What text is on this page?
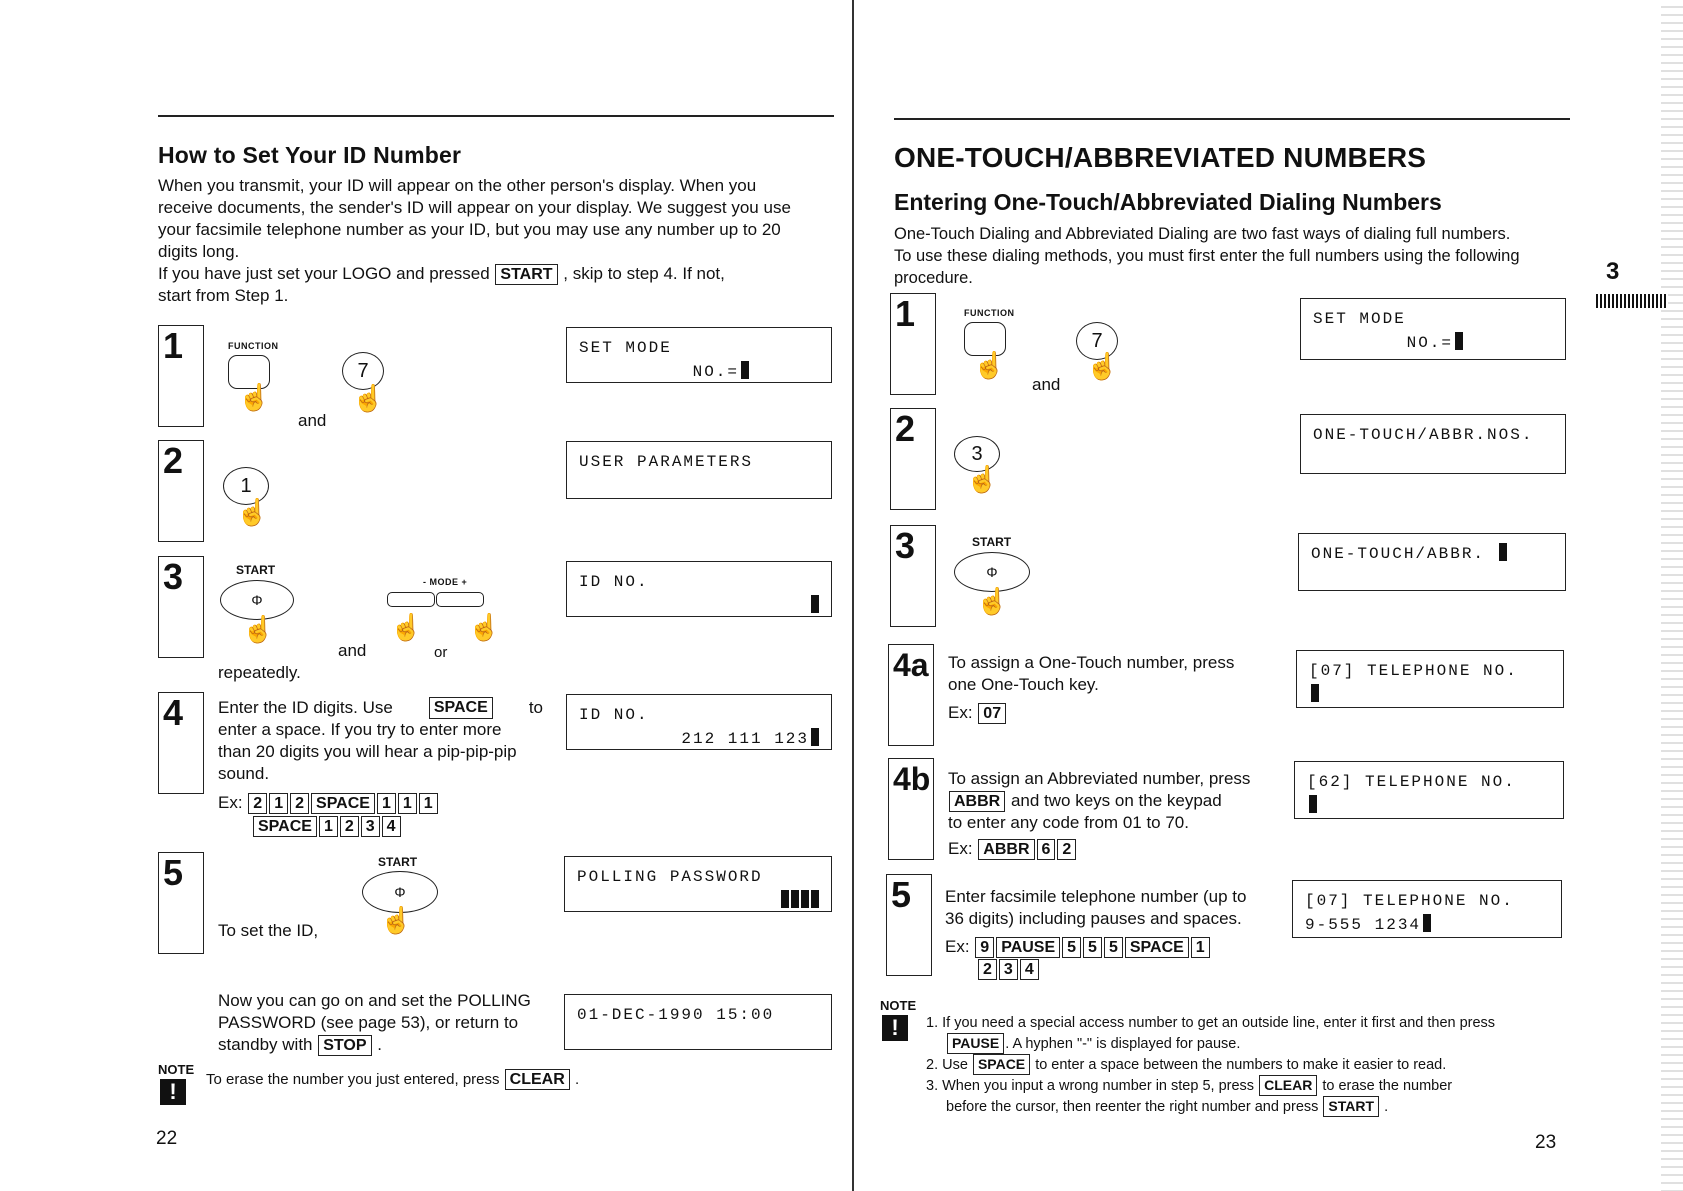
How to Set Your ID Number
When you transmit, your ID will appear on the other person's display. When you
receive documents, the sender's ID will appear on your display. We suggest you use
your facsimile telephone number as your ID, but you may use any number up to 20
digits long.
If you have just set your LOGO and pressed START , skip to step 4. If not,
start from Step 1.
1	FUNCTION
☝
and
7
☝
2
1
☝
3	START
Φ
☝
- MODE +
and
☝
or
☝
repeatedly.
4	Enter the ID digits. Use	SPACE to
enter a space. If you try to enter more
than 20 digits you will hear a pip-pip-pip
sound.
Ex: 2 1 2 SPACE 1 1 1
SPACE 1 2 3 4
5	START
Φ
☝
To set the ID,
SET MODE
NO.=
USER PARAMETERS
ID NO.
ID NO.
212 111 123
POLLING PASSWORD
01-DEC-1990 15:00
Now you can go on and set the POLLING
PASSWORD (see page 53), or return to
standby with STOP .
NOTE
!	To erase the number you just entered, press CLEAR .
22
ONE-TOUCH/ABBREVIATED NUMBERS
Entering One-Touch/Abbreviated Dialing Numbers
One-Touch Dialing and Abbreviated Dialing are two fast ways of dialing full numbers.
To use these dialing methods, you must first enter the full numbers using the following
procedure.	3
1	FUNCTION
☝
and
7
☝
2
3
☝
3	START
Φ
☝
4a	To assign a One-Touch number, press
one One-Touch key.
Ex: 07
4b To assign an Abbreviated number, press
ABBR and two keys on the keypad
to enter any code from 01 to 70.
Ex: ABBR 6 2
5	Enter facsimile telephone number (up to
36 digits) including pauses and spaces.
Ex: 9 PAUSE 5 5 5 SPACE 1
2 3 4
SET MODE
NO.=
ONE-TOUCH/ABBR.NOS.
ONE-TOUCH/ABBR.
[07] TELEPHONE NO.
[62] TELEPHONE NO.
[07] TELEPHONE NO.
9-555 1234
NOTE
!	1. If you need a special access number to get an outside line, enter it first and then press
PAUSE . A hyphen "-" is displayed for pause.
2. Use SPACE to enter a space between the numbers to make it easier to read.
3. When you input a wrong number in step 5, press CLEAR to erase the number
before the cursor, then reenter the right number and press START .
23
